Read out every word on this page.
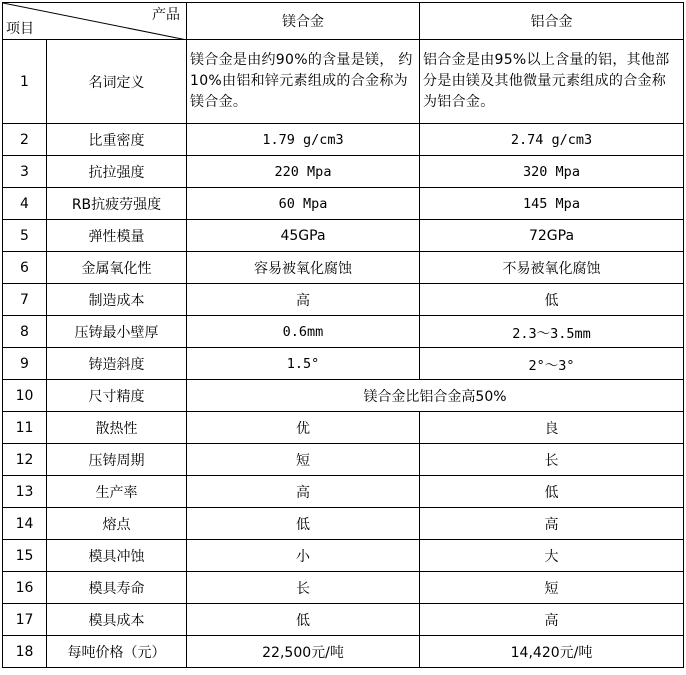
产品
项目		镁合金	铝合金
1	名词定义	镁合金是由约90%的含量是镁， 约10%由铝和锌元素组成的合金称为镁合金。	铝合金是由95%以上含量的铝，其他部分是由镁及其他微量元素组成的合金称为铝合金。
2	比重密度	1.79 g/cm3	2.74 g/cm3
3	抗拉强度	220 Mpa	320 Mpa
4	RB抗疲劳强度	60 Mpa	145 Mpa
5	弹性模量	45GPa	72GPa
6	金属氧化性	容易被氧化腐蚀	不易被氧化腐蚀
7	制造成本	高	低
8	压铸最小壁厚	0.6mm	2.3～3.5mm
9	铸造斜度	1.5°	2°～3°
10	尺寸精度	镁合金比铝合金高50%	
11	散热性	优	良
12	压铸周期	短	长
13	生产率	高	低
14	熔点	低	高
15	模具冲蚀	小	大
16	模具寿命	长	短
17	模具成本	低	高
18	每吨价格（元）	22,500元/吨	14,420元/吨
